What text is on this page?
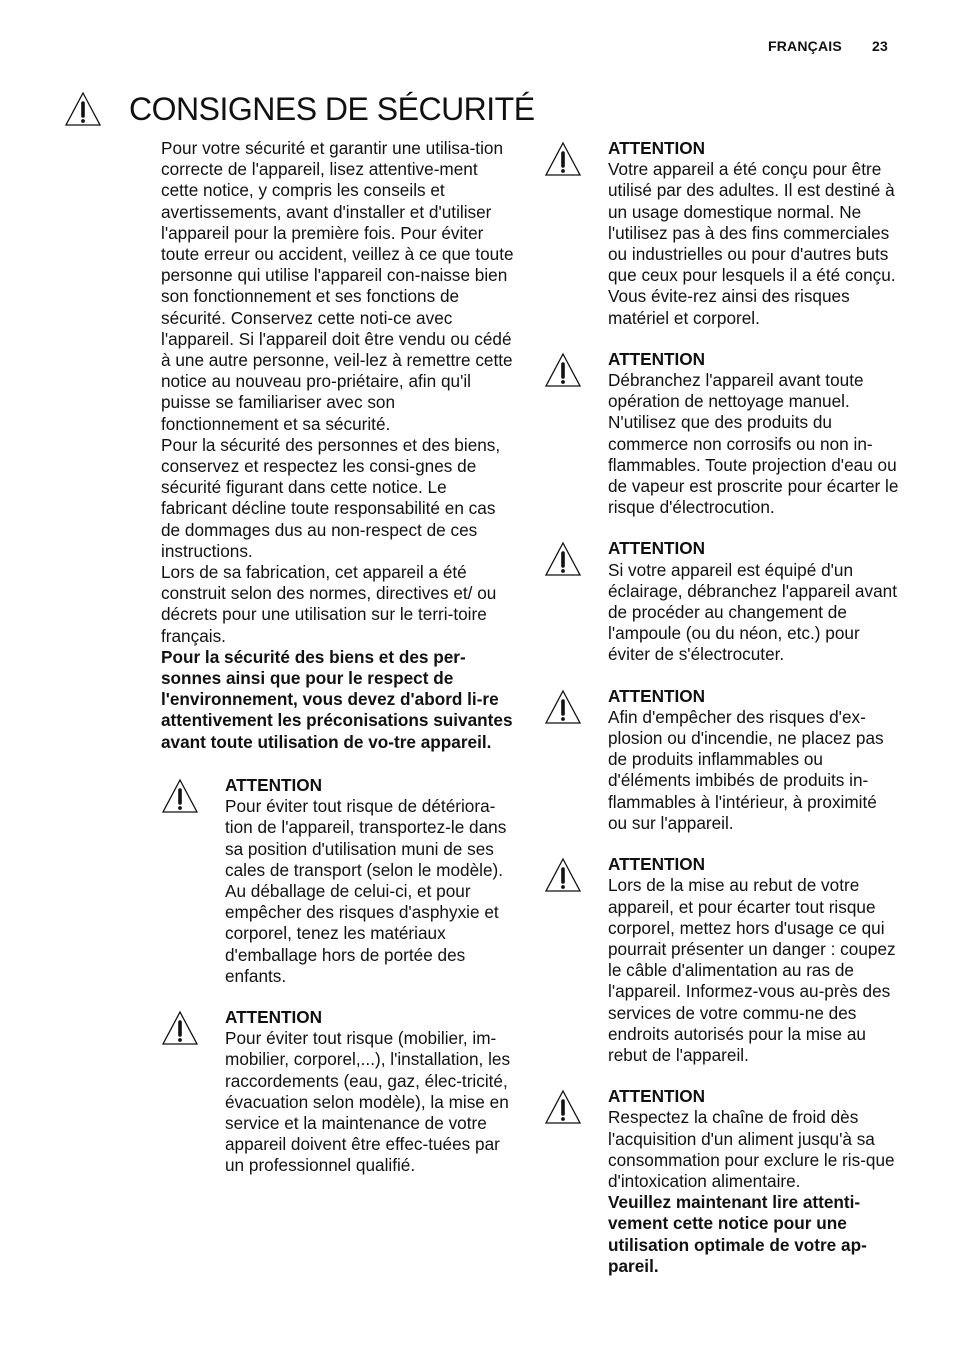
FRANÇAIS 23
CONSIGNES DE SÉCURITÉ

Pour votre sécurité et garantir une utilisa-tion correcte de l'appareil, lisez attentive-ment cette notice, y compris les conseils et avertissements, avant d'installer et d'utiliser l'appareil pour la première fois. Pour éviter toute erreur ou accident, veillez à ce que toute personne qui utilise l'appareil con-naisse bien son fonctionnement et ses fonctions de sécurité. Conservez cette noti-ce avec l'appareil. Si l'appareil doit être vendu ou cédé à une autre personne, veil-lez à remettre cette notice au nouveau pro-priétaire, afin qu'il puisse se familiariser avec son fonctionnement et sa sécurité.

Pour la sécurité des personnes et des biens, conservez et respectez les consi-gnes de sécurité figurant dans cette notice. Le fabricant décline toute responsabilité en cas de dommages dus au non-respect de ces instructions.

Lors de sa fabrication, cet appareil a été construit selon des normes, directives et/ ou décrets pour une utilisation sur le terri-toire français.

Pour la sécurité des biens et des per-sonnes ainsi que pour le respect de l'environnement, vous devez d'abord li-re attentivement les préconisations suivantes avant toute utilisation de vo-tre appareil.

ATTENTION

Pour éviter tout risque de détériora-tion de l'appareil, transportez-le dans sa position d'utilisation muni de ses cales de transport (selon le modèle). Au déballage de celui-ci, et pour empêcher des risques d'asphyxie et corporel, tenez les matériaux d'emballage hors de portée des enfants.

ATTENTION

Pour éviter tout risque (mobilier, im-mobilier, corporel,...), l'installation, les raccordements (eau, gaz, élec-tricité, évacuation selon modèle), la mise en service et la maintenance de votre appareil doivent être effec-tuées par un professionnel qualifié.

ATTENTION

Votre appareil a été conçu pour être utilisé par des adultes. Il est destiné à un usage domestique normal. Ne l'utilisez pas à des fins commerciales ou industrielles ou pour d'autres buts que ceux pour lesquels il a été conçu. Vous évite-rez ainsi des risques matériel et corporel.

ATTENTION

Débranchez l'appareil avant toute opération de nettoyage manuel. N'utilisez que des produits du commerce non corrosifs ou non in-flammables. Toute projection d'eau ou de vapeur est proscrite pour écarter le risque d'électrocution.

ATTENTION

Si votre appareil est équipé d'un éclairage, débranchez l'appareil avant de procéder au changement de l'ampoule (ou du néon, etc.) pour éviter de s'électrocuter.

ATTENTION

Afin d'empêcher des risques d'ex-plosion ou d'incendie, ne placez pas de produits inflammables ou d'éléments imbibés de produits in-flammables à l'intérieur, à proximité ou sur l'appareil.

ATTENTION

Lors de la mise au rebut de votre appareil, et pour écarter tout risque corporel, mettez hors d'usage ce qui pourrait présenter un danger : coupez le câble d'alimentation au ras de l'appareil. Informez-vous au-près des services de votre commu-ne des endroits autorisés pour la mise au rebut de l'appareil.

ATTENTION

Respectez la chaîne de froid dès l'acquisition d'un aliment jusqu'à sa consommation pour exclure le ris-que d'intoxication alimentaire.

Veuillez maintenant lire attenti-vement cette notice pour une utilisation optimale de votre ap-pareil.
